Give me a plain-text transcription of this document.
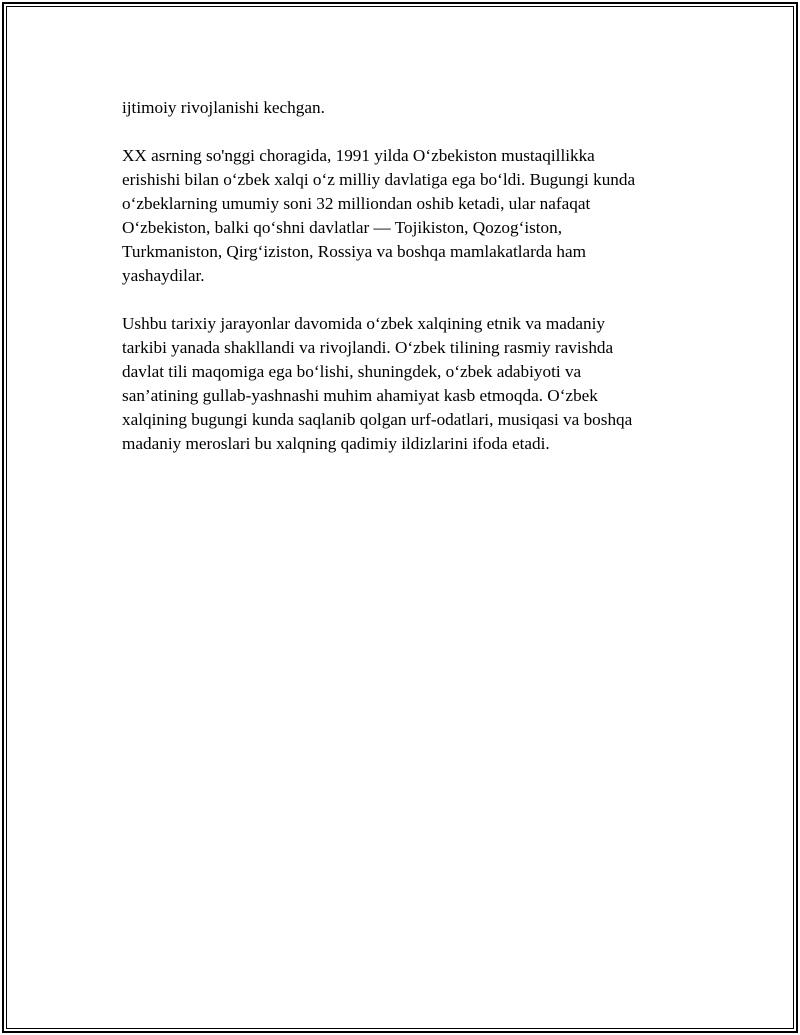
ijtimoiy rivojlanishi kechgan.

XX asrning so'nggi choragida, 1991 yilda O‘zbekiston mustaqillikka
erishishi bilan o‘zbek xalqi o‘z milliy davlatiga ega bo‘ldi. Bugungi kunda
o‘zbeklarning umumiy soni 32 milliondan oshib ketadi, ular nafaqat
O‘zbekiston, balki qo‘shni davlatlar — Tojikiston, Qozog‘iston,
Turkmaniston, Qirg‘iziston, Rossiya va boshqa mamlakatlarda ham
yashaydilar.

Ushbu tarixiy jarayonlar davomida o‘zbek xalqining etnik va madaniy
tarkibi yanada shakllandi va rivojlandi. O‘zbek tilining rasmiy ravishda
davlat tili maqomiga ega bo‘lishi, shuningdek, o‘zbek adabiyoti va
san’atining gullab-yashnashi muhim ahamiyat kasb etmoqda. O‘zbek
xalqining bugungi kunda saqlanib qolgan urf-odatlari, musiqasi va boshqa
madaniy meroslari bu xalqning qadimiy ildizlarini ifoda etadi.
